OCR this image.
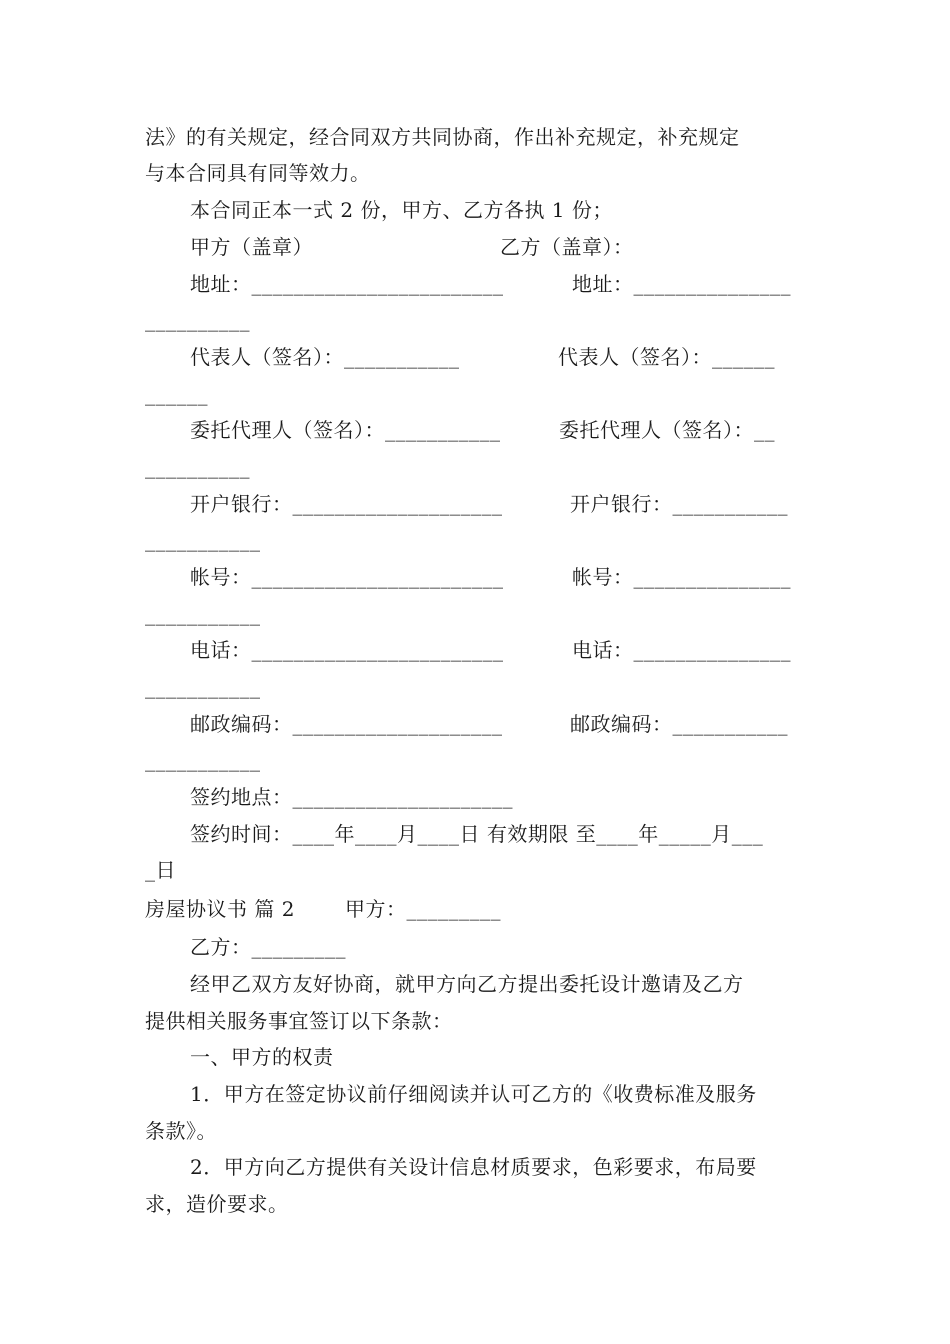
法》的有关规定，经合同双方共同协商，作出补充规定，补充规定
与本合同具有同等效力。
本合同正本一式 2 份，甲方、乙方各执 1 份；
甲方（盖章）	乙方（盖章）：
地址：________________________	地址：_______________
__________
代表人（签名）：___________	代表人（签名）：______
______
委托代理人（签名）：___________	委托代理人（签名）：__
__________
开户银行：____________________	开户银行：___________
___________
帐号：________________________	帐号：_______________
___________
电话：________________________	电话：_______________
___________
邮政编码：____________________	邮政编码：___________
___________
签约地点：_____________________
签约时间：____年____月____日 有效期限 至____年_____月___
_日
房屋协议书 篇 2	甲方：_________
乙方：_________
经甲乙双方友好协商，就甲方向乙方提出委托设计邀请及乙方
提供相关服务事宜签订以下条款：
一、甲方的权责
1．甲方在签定协议前仔细阅读并认可乙方的《收费标准及服务
条款》。
2．甲方向乙方提供有关设计信息材质要求，色彩要求，布局要
求，造价要求。
